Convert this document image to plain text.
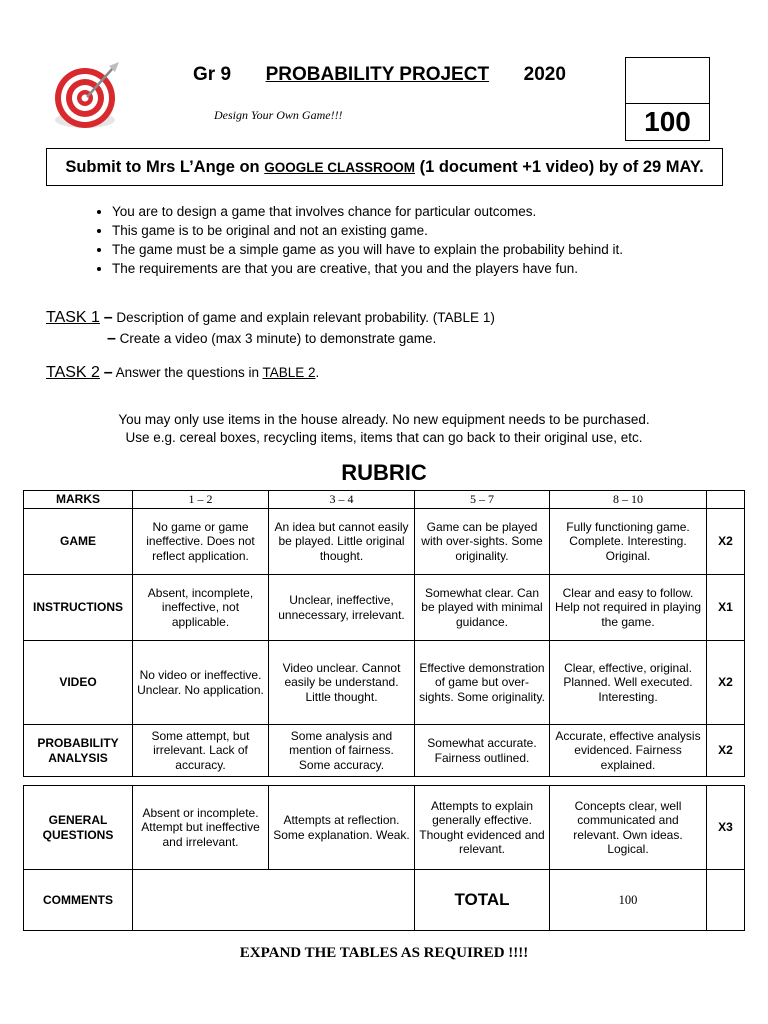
Gr 9 PROBABILITY PROJECT 2020
Design Your Own Game!!!	100
Submit to Mrs L’Ange on GOOGLE CLASSROOM (1 document +1 video) by of 29 MAY.
• You are to design a game that involves chance for particular outcomes.
• This game is to be original and not an existing game.
• The game must be a simple game as you will have to explain the probability behind it.
• The requirements are that you are creative, that you and the players have fun.
TASK 1 – Description of game and explain relevant probability. (TABLE 1)
– Create a video (max 3 minute) to demonstrate game.
TASK 2 – Answer the questions in TABLE 2.
You may only use items in the house already. No new equipment needs to be purchased.
Use e.g. cereal boxes, recycling items, items that can go back to their original use, etc.
RUBRIC
MARKS	1 – 2	3 – 4	5 – 7	8 – 10	
GAME	No game or game ineffective. Does not reflect application.	An idea but cannot easily be played. Little original thought.	Game can be played with over-sights. Some originality.	Fully functioning game. Complete. Interesting. Original.	X2
INSTRUCTIONS	Absent, incomplete, ineffective, not applicable.	Unclear, ineffective, unnecessary, irrelevant.	Somewhat clear. Can be played with minimal guidance.	Clear and easy to follow. Help not required in playing the game.	X1
VIDEO	No video or ineffective. Unclear. No application.	Video unclear. Cannot easily be understand. Little thought.	Effective demonstration of game but over-sights. Some originality.	Clear, effective, original. Planned. Well executed. Interesting.	X2
PROBABILITY ANALYSIS	Some attempt, but irrelevant. Lack of accuracy.	Some analysis and mention of fairness. Some accuracy.	Somewhat accurate. Fairness outlined.	Accurate, effective analysis evidenced. Fairness explained.	X2
GENERAL QUESTIONS	Absent or incomplete. Attempt but ineffective and irrelevant.	Attempts at reflection. Some explanation. Weak.	Attempts to explain generally effective. Thought evidenced and relevant.	Concepts clear, well communicated and relevant. Own ideas. Logical.	X3
COMMENTS			TOTAL	100	
EXPAND THE TABLES AS REQUIRED !!!!
